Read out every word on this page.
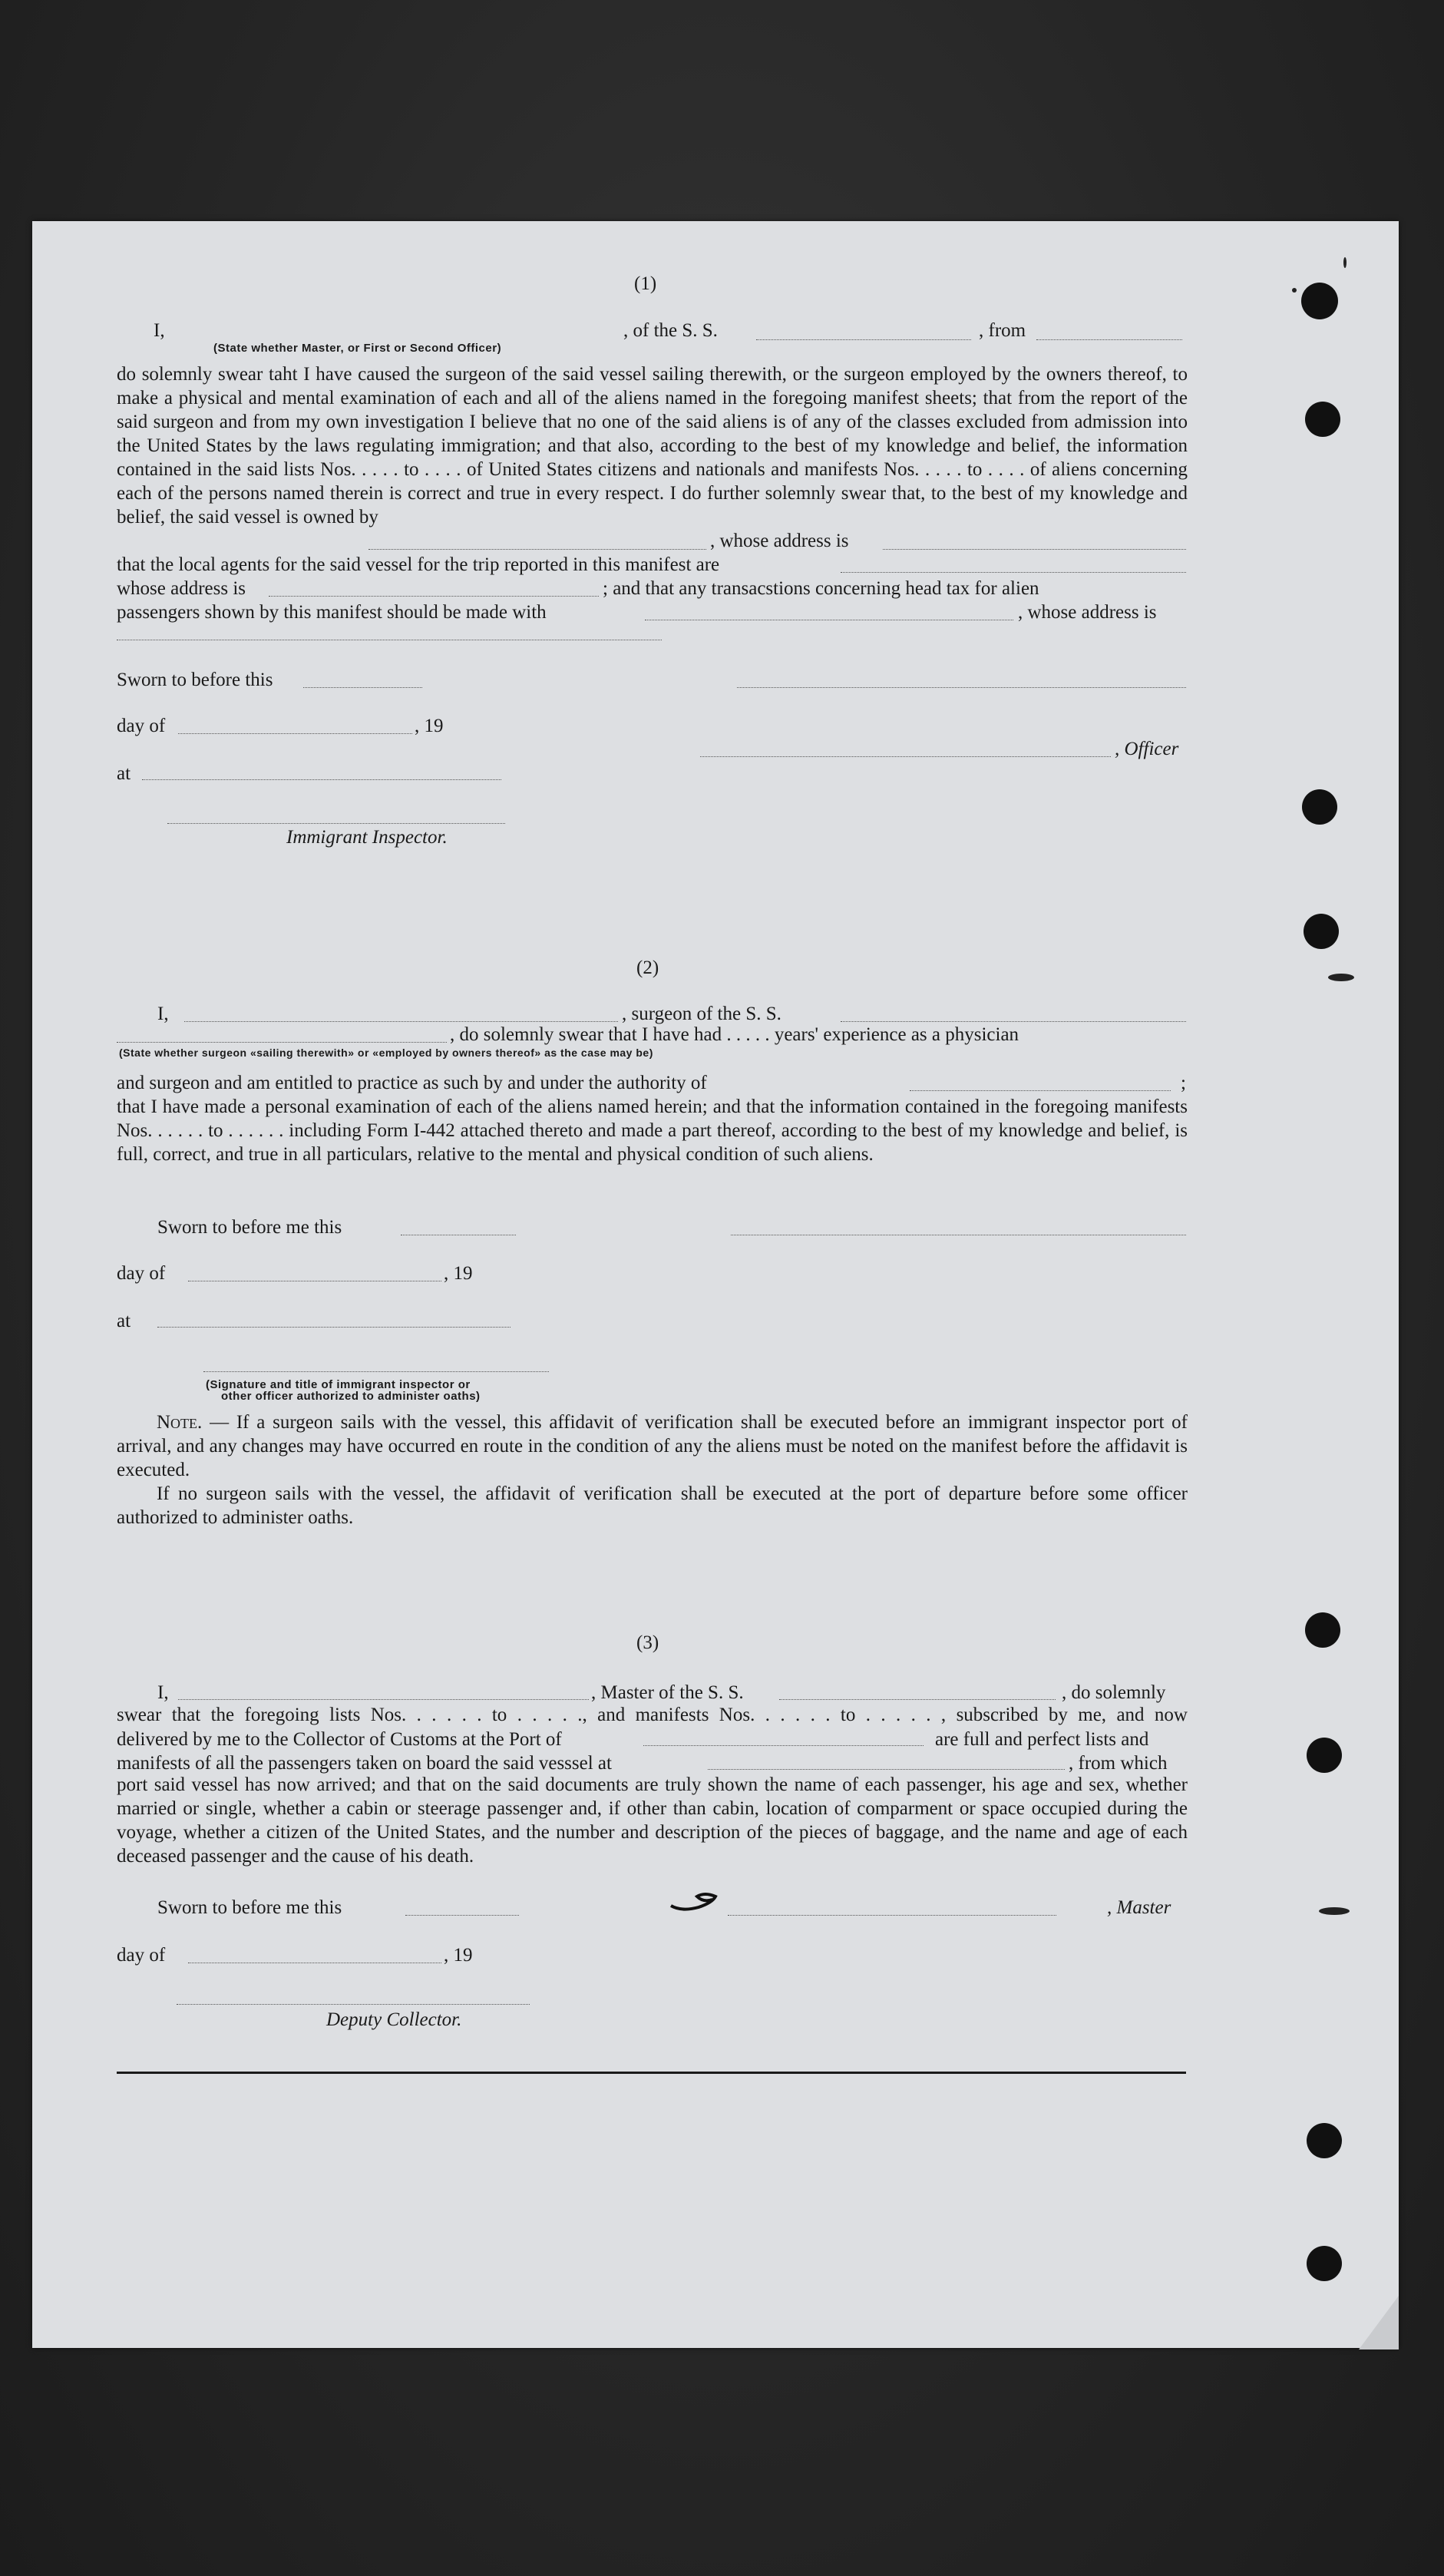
(1)
I,
(State whether Master, or First or Second Officer)
, of the S. S.	, from
do solemnly swear taht I have caused the surgeon of the said vessel sailing therewith, or the surgeon employed by the owners thereof, to make a physical and mental examination of each and all of the aliens named in the foregoing manifest sheets; that from the report of the said surgeon and from my own investigation I believe that no one of the said aliens is of any of the classes excluded from admission into the United States by the laws regulating immigration; and that also, according to the best of my knowledge and belief, the information contained in the said lists Nos. . . . . to . . . . of United States citizens and nationals and manifests Nos. . . . . to . . . . of aliens concerning each of the persons named therein is correct and true in every respect. I do further solemnly swear that, to the best of my knowledge and belief, the said vessel is owned by
, whose address is
that the local agents for the said vessel for the trip reported in this manifest are
whose address is	; and that any transacstions concerning head tax for alien
passengers shown by this manifest should be made with	, whose address is
Sworn to before this
day of	, 19
, Officer
at
Immigrant Inspector.
(2)
I,	, surgeon of the S. S.
, do solemnly swear that I have had . . . . . years' experience as a physician
(State whether surgeon «sailing therewith» or «employed by owners thereof» as the case may be)
and surgeon and am entitled to practice as such by and under the authority of	;
that I have made a personal examination of each of the aliens named herein; and that the information contained in the foregoing manifests Nos. . . . . . to . . . . . . including Form I-442 attached thereto and made a part thereof, according to the best of my knowledge and belief, is full, correct, and true in all particulars, relative to the mental and physical condition of such aliens.
Sworn to before me this
day of	, 19
at
(Signature and title of immigrant inspector or
other officer authorized to administer oaths)
Note. — If a surgeon sails with the vessel, this affidavit of verification shall be executed before an immigrant inspector port of arrival, and any changes may have occurred en route in the condition of any the aliens must be noted on the manifest before the affidavit is executed.
If no surgeon sails with the vessel, the affidavit of verification shall be executed at the port of departure before some officer authorized to administer oaths.
(3)
I,	, Master of the S. S.	, do solemnly
swear that the foregoing lists Nos. . . . . . to . . . . ., and manifests Nos. . . . . . to . . . . . , subscribed by me, and now
delivered by me to the Collector of Customs at the Port of	are full and perfect lists and
manifests of all the passengers taken on board the said vesssel at	, from which
port said vessel has now arrived; and that on the said documents are truly shown the name of each passenger, his age and sex, whether married or single, whether a cabin or steerage passenger and, if other than cabin, location of comparment or space occupied during the voyage, whether a citizen of the United States, and the number and description of the pieces of baggage, and the name and age of each deceased passenger and the cause of his death.
Sworn to before me this	, Master
day of	, 19
Deputy Collector.
